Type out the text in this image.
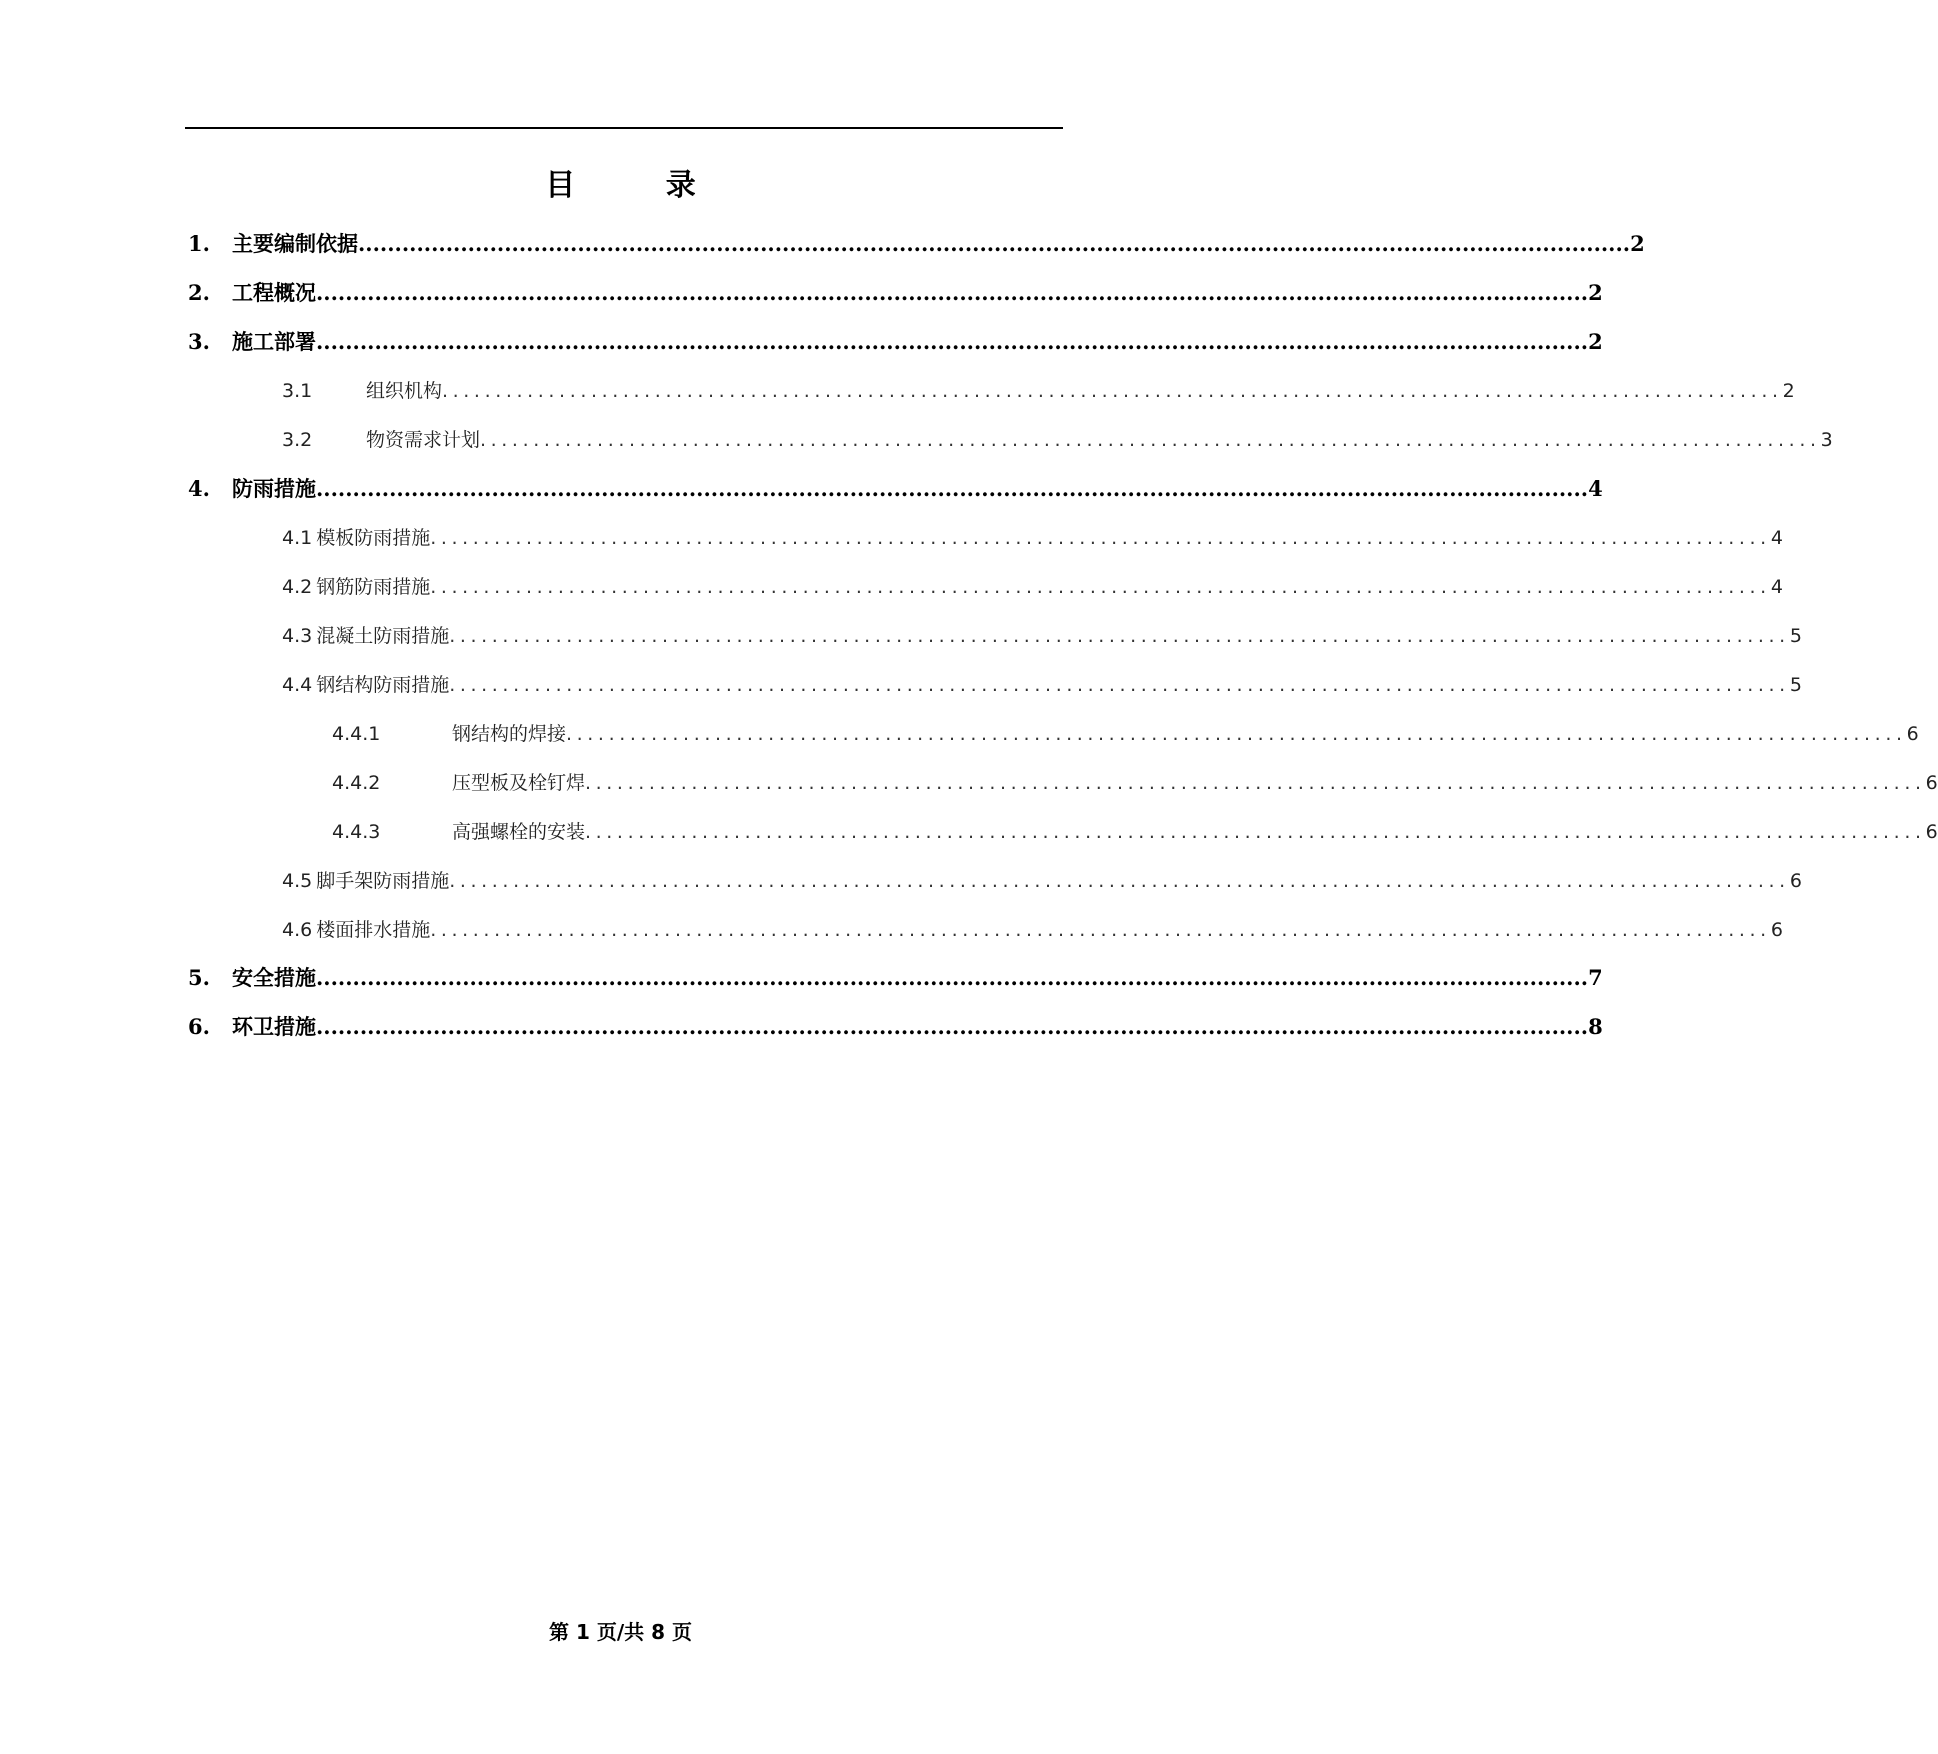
目 录
1.	主要编制依据 .............................................................................................................................................................................. 2
2.	工程概况 .............................................................................................................................................................................. 2
3.	施工部署 .............................................................................................................................................................................. 2
3.1	组织机构 .............................................................................................................................. 2
3.2	物资需求计划 .............................................................................................................................. 3
4.	防雨措施 .............................................................................................................................................................................. 4
4.1 模板防雨措施 .............................................................................................................................. 4
4.2 钢筋防雨措施 .............................................................................................................................. 4
4.3 混凝土防雨措施 .............................................................................................................................. 5
4.4 钢结构防雨措施 .............................................................................................................................. 5
4.4.1	钢结构的焊接 .............................................................................................................................. 6
4.4.2	压型板及栓钉焊 .............................................................................................................................. 6
4.4.3	高强螺栓的安装 .............................................................................................................................. 6
4.5 脚手架防雨措施 .............................................................................................................................. 6
4.6 楼面排水措施 .............................................................................................................................. 6
5.	安全措施 .............................................................................................................................................................................. 7
6.	环卫措施 .............................................................................................................................................................................. 8
第 1 页/共 8 页
